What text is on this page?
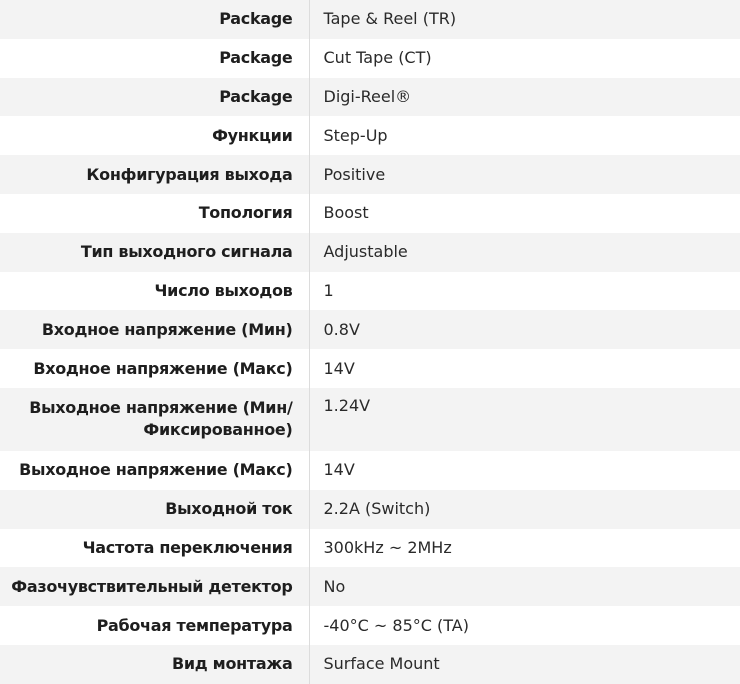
Package	Tape & Reel (TR)
Package	Cut Tape (CT)
Package	Digi-Reel®
Функции	Step-Up
Конфигурация выхода	Positive
Топология	Boost
Тип выходного сигнала	Adjustable
Число выходов	1
Входное напряжение (Мин)	0.8V
Входное напряжение (Макс)	14V
Выходное напряжение (Мин/Фиксированное)	1.24V
Выходное напряжение (Макс)	14V
Выходной ток	2.2A (Switch)
Частота переключения	300kHz ~ 2MHz
Фазочувствительный детектор	No
Рабочая температура	-40°C ~ 85°C (TA)
Вид монтажа	Surface Mount
